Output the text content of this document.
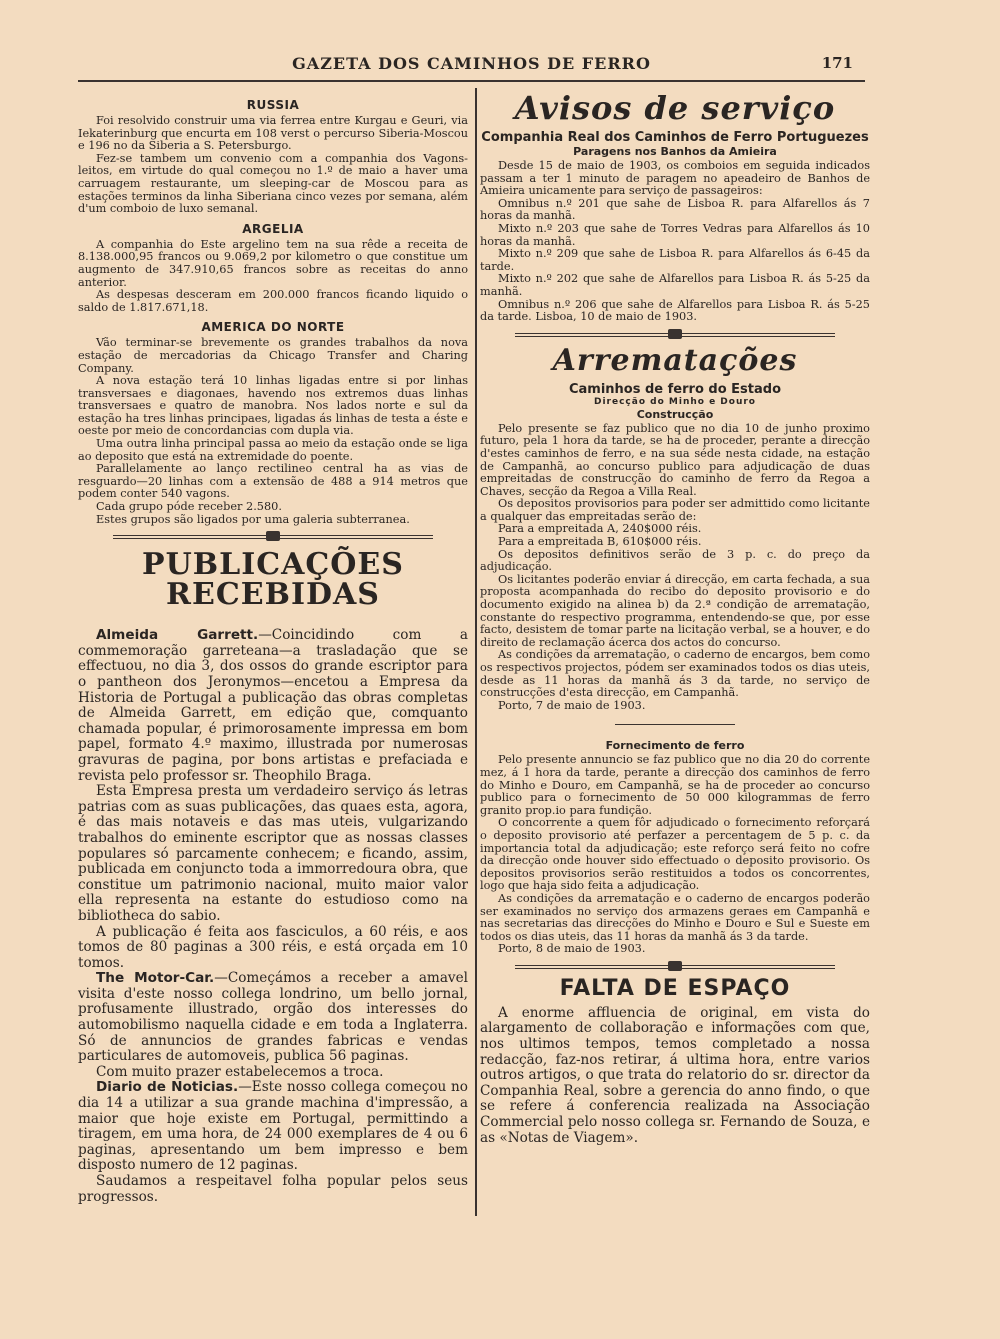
GAZETA DOS CAMINHOS DE FERRO	171
RUSSIA

Foi resolvido construir uma via ferrea entre Kurgau e Geuri, via Iekaterinburg que encurta em 108 verst o percurso Siberia-Moscou e 196 no da Siberia a S. Petersburgo.

Fez-se tambem um convenio com a companhia dos Vagons-leitos, em virtude do qual começou no 1.º de maio a haver uma carruagem restaurante, um sleeping-car de Moscou para as estações terminos da linha Siberiana cinco vezes por semana, além d'um comboio de luxo semanal.

ARGELIA

A companhia do Este argelino tem na sua rêde a receita de 8.138.000,95 francos ou 9.069,2 por kilometro o que constitue um augmento de 347.910,65 francos sobre as receitas do anno anterior.

As despesas desceram em 200.000 francos ficando liquido o saldo de 1.817.671,18.

AMERICA DO NORTE

Vão terminar-se brevemente os grandes trabalhos da nova estação de mercadorias da Chicago Transfer and Charing Company.

A nova estação terá 10 linhas ligadas entre si por linhas transversaes e diagonaes, havendo nos extremos duas linhas transversaes e quatro de manobra. Nos lados norte e sul da estação ha tres linhas principaes, ligadas ás linhas de testa a éste e oeste por meio de concordancias com dupla via.

Uma outra linha principal passa ao meio da estação onde se liga ao deposito que está na extremidade do poente.

Parallelamente ao lanço rectilineo central ha as vias de resguardo—20 linhas com a extensão de 488 a 914 metros que podem conter 540 vagons.

Cada grupo póde receber 2.580.

Estes grupos são ligados por uma galeria subterranea.

PUBLICAÇÕES RECEBIDAS

Almeida Garrett.—Coincidindo com a commemoração garreteana—a trasladação que se effectuou, no dia 3, dos ossos do grande escriptor para o pantheon dos Jeronymos—encetou a Empresa da Historia de Portugal a publicação das obras completas de Almeida Garrett, em edição que, comquanto chamada popular, é primorosamente impressa em bom papel, formato 4.º maximo, illustrada por numerosas gravuras de pagina, por bons artistas e prefaciada e revista pelo professor sr. Theophilo Braga.

Esta Empresa presta um verdadeiro serviço ás letras patrias com as suas publicações, das quaes esta, agora, é das mais notaveis e das mas uteis, vulgarizando trabalhos do eminente escriptor que as nossas classes populares só parcamente conhecem; e ficando, assim, publicada em conjuncto toda a immorredoura obra, que constitue um patrimonio nacional, muito maior valor ella representa na estante do estudioso como na bibliotheca do sabio.

A publicação é feita aos fasciculos, a 60 réis, e aos tomos de 80 paginas a 300 réis, e está orçada em 10 tomos.

The Motor-Car.—Começámos a receber a amavel visita d'este nosso collega londrino, um bello jornal, profusamente illustrado, orgão dos interesses do automobilismo naquella cidade e em toda a Inglaterra. Só de annuncios de grandes fabricas e vendas particulares de automoveis, publica 56 paginas.

Com muito prazer estabelecemos a troca.

Diario de Noticias.—Este nosso collega começou no dia 14 a utilizar a sua grande machina d'impressão, a maior que hoje existe em Portugal, permittindo a tiragem, em uma hora, de 24 000 exemplares de 4 ou 6 paginas, apresentando um bem impresso e bem disposto numero de 12 paginas.

Saudamos a respeitavel folha popular pelos seus progressos.

Avisos de serviço
Companhia Real dos Caminhos de Ferro Portuguezes
Paragens nos Banhos da Amieira

Desde 15 de maio de 1903, os comboios em seguida indicados passam a ter 1 minuto de paragem no apeadeiro de Banhos de Amieira unicamente para serviço de passageiros:

Omnibus n.º 201 que sahe de Lisboa R. para Alfarellos ás 7 horas da manhã.

Mixto n.º 203 que sahe de Torres Vedras para Alfarellos ás 10 horas da manhã.

Mixto n.º 209 que sahe de Lisboa R. para Alfarellos ás 6-45 da tarde.

Mixto n.º 202 que sahe de Alfarellos para Lisboa R. ás 5-25 da manhã.

Omnibus n.º 206 que sahe de Alfarellos para Lisboa R. ás 5-25 da tarde. Lisboa, 10 de maio de 1903.

Arrematações
Caminhos de ferro do Estado
Direcção do Minho e Douro
Construcção

Pelo presente se faz publico que no dia 10 de junho proximo futuro, pela 1 hora da tarde, se ha de proceder, perante a direcção d'estes caminhos de ferro, e na sua séde nesta cidade, na estação de Campanhã, ao concurso publico para adjudicação de duas empreitadas de construcção do caminho de ferro da Regoa a Chaves, secção da Regoa a Villa Real.

Os depositos provisorios para poder ser admittido como licitante a qualquer das empreitadas serão de:

Para a empreitada A, 240$000 réis.

Para a empreitada B, 610$000 réis.

Os depositos definitivos serão de 3 p. c. do preço da adjudicação.

Os licitantes poderão enviar á direcção, em carta fechada, a sua proposta acompanhada do recibo do deposito provisorio e do documento exigido na alinea b) da 2.ª condição de arrematação, constante do respectivo programma, entendendo-se que, por esse facto, desistem de tomar parte na licitação verbal, se a houver, e do direito de reclamação ácerca dos actos do concurso.

As condições da arrematação, o caderno de encargos, bem como os respectivos projectos, pódem ser examinados todos os dias uteis, desde as 11 horas da manhã ás 3 da tarde, no serviço de construcções d'esta direcção, em Campanhã.

Porto, 7 de maio de 1903.

Fornecimento de ferro

Pelo presente annuncio se faz publico que no dia 20 do corrente mez, á 1 hora da tarde, perante a direcção dos caminhos de ferro do Minho e Douro, em Campanhã, se ha de proceder ao concurso publico para o fornecimento de 50 000 kilogrammas de ferro granito prop.io para fundição.

O concorrente a quem fôr adjudicado o fornecimento reforçará o deposito provisorio até perfazer a percentagem de 5 p. c. da importancia total da adjudicação; este reforço será feito no cofre da direcção onde houver sido effectuado o deposito provisorio. Os depositos provisorios serão restituidos a todos os concorrentes, logo que haja sido feita a adjudicação.

As condições da arrematação e o caderno de encargos poderão ser examinados no serviço dos armazens geraes em Campanhã e nas secretarias das direcções do Minho e Douro e Sul e Sueste em todos os dias uteis, das 11 horas da manhã ás 3 da tarde.

Porto, 8 de maio de 1903.

FALTA DE ESPAÇO

A enorme affluencia de original, em vista do alargamento de collaboração e informações com que, nos ultimos tempos, temos completado a nossa redacção, faz-nos retirar, á ultima hora, entre varios outros artigos, o que trata do relatorio do sr. director da Companhia Real, sobre a gerencia do anno findo, o que se refere á conferencia realizada na Associação Commercial pelo nosso collega sr. Fernando de Souza, e as «Notas de Viagem».
